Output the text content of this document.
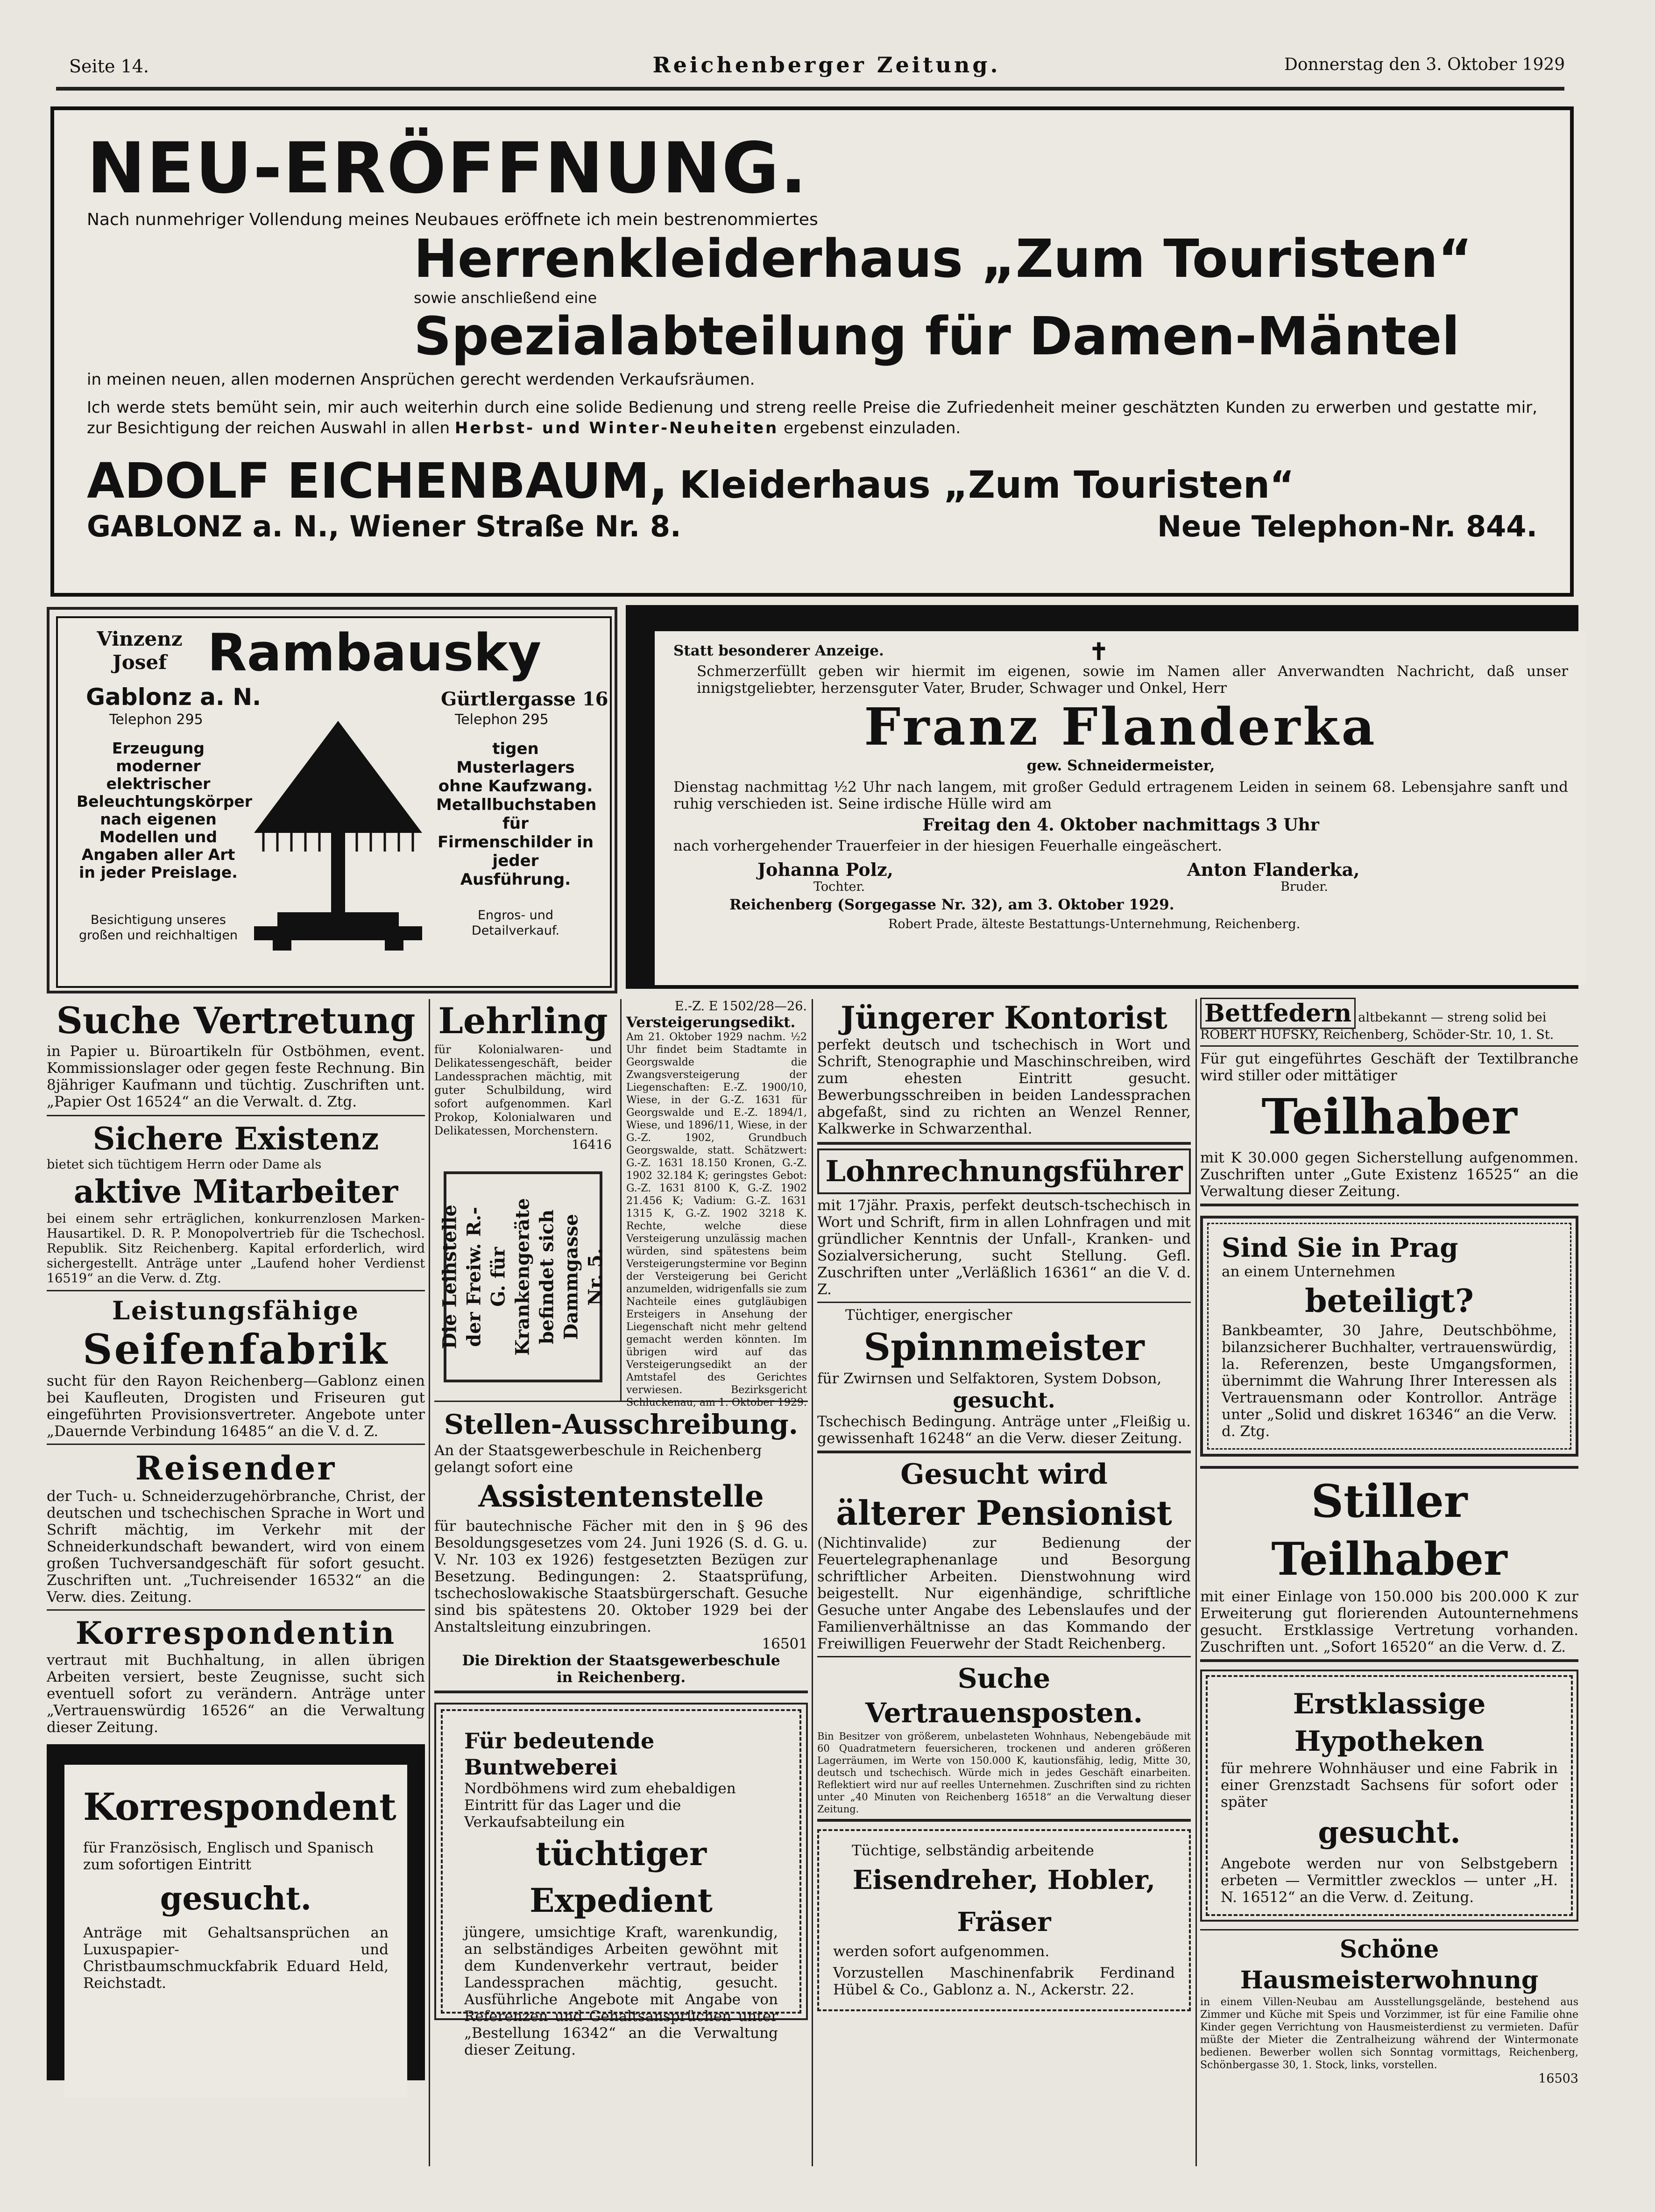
Seite 14.	Reichenberger Zeitung.	Donnerstag den 3. Oktober 1929
NEU-ERÖFFNUNG.
Nach nunmehriger Vollendung meines Neubaues eröffnete ich mein bestrenommiertes
Herrenkleiderhaus „Zum Touristen“
sowie anschließend eine
Spezialabteilung für Damen-Mäntel
in meinen neuen, allen modernen Ansprüchen gerecht werdenden Verkaufsräumen.
Ich werde stets bemüht sein, mir auch weiterhin durch eine solide Bedienung und streng reelle Preise die Zufriedenheit meiner geschätzten Kunden zu erwerben und gestatte mir, zur Besichtigung der reichen Auswahl in allen Herbst- und Winter-Neuheiten ergebenst einzuladen.
ADOLF EICHENBAUM, Kleiderhaus „Zum Touristen“
GABLONZ a. N., Wiener Straße Nr. 8.	Neue Telephon-Nr. 844.
Vinzenz Josef Rambausky
Gablonz a. N.
Telephon 295
Gürtlergasse 16
Telephon 295
Erzeugung moderner elektrischer Beleuchtungskörper nach eigenen Modellen und Angaben aller Art in jeder Preislage.
Besichtigung unseres großen und reichhaltigen
tigen Musterlagers ohne Kaufzwang. Metallbuchstaben für Firmenschilder in jeder Ausführung.
Engros- und Detailverkauf.
Statt besonderer Anzeige.	✝
Schmerzerfüllt geben wir hiermit im eigenen, sowie im Namen aller Anverwandten Nachricht, daß unser innigstgeliebter, herzensguter Vater, Bruder, Schwager und Onkel, Herr
Franz Flanderka
gew. Schneidermeister,
Dienstag nachmittag ½2 Uhr nach langem, mit großer Geduld ertragenem Leiden in seinem 68. Lebensjahre sanft und ruhig verschieden ist. Seine irdische Hülle wird am
Freitag den 4. Oktober nachmittags 3 Uhr
nach vorhergehender Trauerfeier in der hiesigen Feuerhalle eingeäschert.
Johanna Polz,
Tochter.
Anton Flanderka,
Bruder.
Reichenberg (Sorgegasse Nr. 32), am 3. Oktober 1929.
Robert Prade, älteste Bestattungs-Unternehmung, Reichenberg.
Suche Vertretung
in Papier u. Büroartikeln für Ostböhmen, event. Kommissionslager oder gegen feste Rechnung. Bin 8jähriger Kaufmann und tüchtig. Zuschriften unt. „Papier Ost 16524“ an die Verwalt. d. Ztg.
Sichere Existenz
bietet sich tüchtigem Herrn oder Dame als
aktive Mitarbeiter
bei einem sehr erträglichen, konkurrenzlosen Marken-Hausartikel. D. R. P. Monopolvertrieb für die Tschechosl. Republik. Sitz Reichenberg. Kapital erforderlich, wird sichergestellt. Anträge unter „Laufend hoher Verdienst 16519“ an die Verw. d. Ztg.
Leistungsfähige
Seifenfabrik
sucht für den Rayon Reichenberg—Gablonz einen bei Kaufleuten, Drogisten und Friseuren gut eingeführten Provisionsvertreter. Angebote unter „Dauernde Verbindung 16485“ an die V. d. Z.
Reisender
der Tuch- u. Schneiderzugehörbranche, Christ, der deutschen und tschechischen Sprache in Wort und Schrift mächtig, im Verkehr mit der Schneiderkundschaft bewandert, wird von einem großen Tuchversandgeschäft für sofort gesucht. Zuschriften unt. „Tuchreisender 16532“ an die Verw. dies. Zeitung.
Korrespondentin
vertraut mit Buchhaltung, in allen übrigen Arbeiten versiert, beste Zeugnisse, sucht sich eventuell sofort zu verändern. Anträge unter „Vertrauenswürdig 16526“ an die Verwaltung dieser Zeitung.
Korrespondent
für Französisch, Englisch und Spanisch zum sofortigen Eintritt
gesucht.
Anträge mit Gehaltsansprüchen an Luxuspapier- und Christbaumschmuckfabrik Eduard Held, Reichstadt.
Lehrling
für Kolonialwaren- und Delikatessengeschäft, beider Landessprachen mächtig, mit guter Schulbildung, wird sofort aufgenommen. Karl Prokop, Kolonialwaren und Delikatessen, Morchenstern.
16416
Die Leihstelle der Freiw. R.-G. für Krankengeräte befindet sich Dammgasse Nr. 5.
E.-Z. E 1502/28—26.
Versteigerungsedikt.
Am 21. Oktober 1929 nachm. ½2 Uhr findet beim Stadtamte in Georgswalde die Zwangsversteigerung der Liegenschaften: E.-Z. 1900/10, Wiese, in der G.-Z. 1631 für Georgswalde und E.-Z. 1894/1, Wiese, und 1896/11, Wiese, in der G.-Z. 1902, Grundbuch Georgswalde, statt. Schätzwert: G.-Z. 1631 18.150 Kronen, G.-Z. 1902 32.184 K; geringstes Gebot: G.-Z. 1631 8100 K, G.-Z. 1902 21.456 K; Vadium: G.-Z. 1631 1315 K, G.-Z. 1902 3218 K. Rechte, welche diese Versteigerung unzulässig machen würden, sind spätestens beim Versteigerungstermine vor Beginn der Versteigerung bei Gericht anzumelden, widrigenfalls sie zum Nachteile eines gutgläubigen Ersteigers in Ansehung der Liegenschaft nicht mehr geltend gemacht werden könnten. Im übrigen wird auf das Versteigerungsedikt an der Amtstafel des Gerichtes verwiesen. Bezirksgericht Schluckenau, am 1. Oktober 1929.
Stellen-Ausschreibung.
An der Staatsgewerbeschule in Reichenberg gelangt sofort eine
Assistentenstelle
für bautechnische Fächer mit den in § 96 des Besoldungsgesetzes vom 24. Juni 1926 (S. d. G. u. V. Nr. 103 ex 1926) festgesetzten Bezügen zur Besetzung. Bedingungen: 2. Staatsprüfung, tschechoslowakische Staatsbürgerschaft. Gesuche sind bis spätestens 20. Oktober 1929 bei der Anstaltsleitung einzubringen.
16501
Die Direktion der Staatsgewerbeschule in Reichenberg.
Für bedeutende Buntweberei
Nordböhmens wird zum ehebaldigen Eintritt für das Lager und die Verkaufsabteilung ein
tüchtiger Expedient
jüngere, umsichtige Kraft, warenkundig, an selbständiges Arbeiten gewöhnt mit dem Kundenverkehr vertraut, beider Landessprachen mächtig, gesucht. Ausführliche Angebote mit Angabe von Referenzen und Gehaltsansprüchen unter „Bestellung 16342“ an die Verwaltung dieser Zeitung.
Jüngerer Kontorist
perfekt deutsch und tschechisch in Wort und Schrift, Stenographie und Maschinschreiben, wird zum ehesten Eintritt gesucht. Bewerbungsschreiben in beiden Landessprachen abgefaßt, sind zu richten an Wenzel Renner, Kalkwerke in Schwarzenthal.
Lohnrechnungsführer
mit 17jähr. Praxis, perfekt deutsch-tschechisch in Wort und Schrift, firm in allen Lohnfragen und mit gründlicher Kenntnis der Unfall-, Kranken- und Sozialversicherung, sucht Stellung. Gefl. Zuschriften unter „Verläßlich 16361“ an die V. d. Z.
Tüchtiger, energischer
Spinnmeister
für Zwirnsen und Selfaktoren, System Dobson,
gesucht.
Tschechisch Bedingung. Anträge unter „Fleißig u. gewissenhaft 16248“ an die Verw. dieser Zeitung.
Gesucht wird
älterer Pensionist
(Nichtinvalide) zur Bedienung der Feuertelegraphenanlage und Besorgung schriftlicher Arbeiten. Dienstwohnung wird beigestellt. Nur eigenhändige, schriftliche Gesuche unter Angabe des Lebenslaufes und der Familienverhältnisse an das Kommando der Freiwilligen Feuerwehr der Stadt Reichenberg.
Suche Vertrauensposten.
Bin Besitzer von größerem, unbelasteten Wohnhaus, Nebengebäude mit 60 Quadratmetern feuersicheren, trockenen und anderen größeren Lagerräumen, im Werte von 150.000 K, kautionsfähig, ledig, Mitte 30, deutsch und tschechisch. Würde mich in jedes Geschäft einarbeiten. Reflektiert wird nur auf reelles Unternehmen. Zuschriften sind zu richten unter „40 Minuten von Reichenberg 16518“ an die Verwaltung dieser Zeitung.
Tüchtige, selbständig arbeitende
Eisendreher, Hobler, Fräser
werden sofort aufgenommen.
Vorzustellen Maschinenfabrik Ferdinand Hübel & Co., Gablonz a. N., Ackerstr. 22.
Bettfedern altbekannt — streng solid bei ROBERT HUFSKY, Reichenberg, Schöder-Str. 10, 1. St.
Für gut eingeführtes Geschäft der Textilbranche wird stiller oder mittätiger
Teilhaber
mit K 30.000 gegen Sicherstellung aufgenommen. Zuschriften unter „Gute Existenz 16525“ an die Verwaltung dieser Zeitung.
Sind Sie in Prag
an einem Unternehmen
beteiligt?
Bankbeamter, 30 Jahre, Deutschböhme, bilanzsicherer Buchhalter, vertrauenswürdig, la. Referenzen, beste Umgangsformen, übernimmt die Wahrung Ihrer Interessen als Vertrauensmann oder Kontrollor. Anträge unter „Solid und diskret 16346“ an die Verw. d. Ztg.
Stiller Teilhaber
mit einer Einlage von 150.000 bis 200.000 K zur Erweiterung gut florierenden Autounternehmens gesucht. Erstklassige Vertretung vorhanden. Zuschriften unt. „Sofort 16520“ an die Verw. d. Z.
Erstklassige Hypotheken
für mehrere Wohnhäuser und eine Fabrik in einer Grenzstadt Sachsens für sofort oder später
gesucht.
Angebote werden nur von Selbstgebern erbeten — Vermittler zwecklos — unter „H. N. 16512“ an die Verw. d. Zeitung.
Schöne Hausmeisterwohnung
in einem Villen-Neubau am Ausstellungsgelände, bestehend aus Zimmer und Küche mit Speis und Vorzimmer, ist für eine Familie ohne Kinder gegen Verrichtung von Hausmeisterdienst zu vermieten. Dafür müßte der Mieter die Zentralheizung während der Wintermonate bedienen. Bewerber wollen sich Sonntag vormittags, Reichenberg, Schönbergasse 30, 1. Stock, links, vorstellen.
16503
